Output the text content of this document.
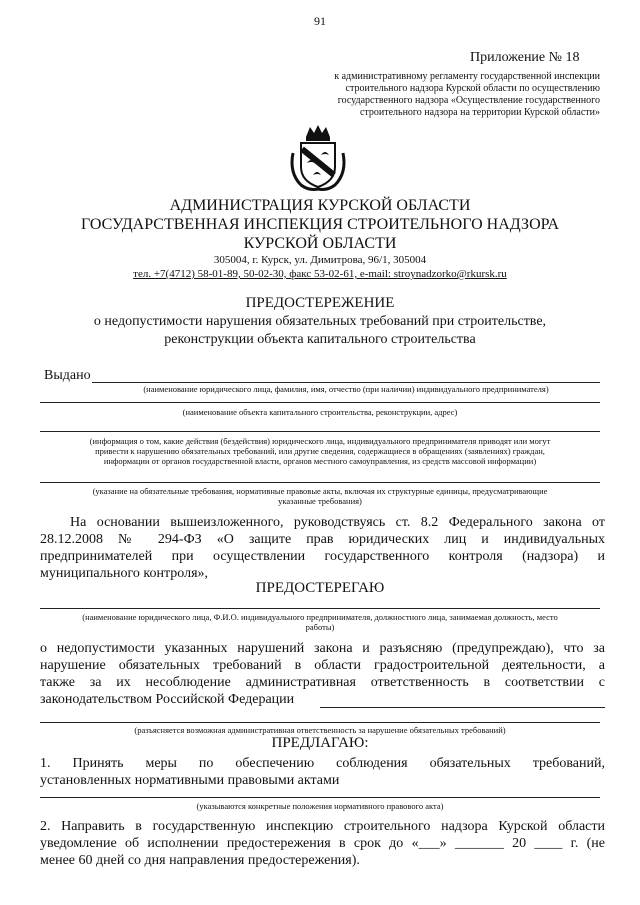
91
Приложение № 18
к административному регламенту государственной инспекции
строительного надзора Курской области по осуществлению
государственного надзора «Осуществление государственного
строительного надзора на территории Курской области»
АДМИНИСТРАЦИЯ КУРСКОЙ ОБЛАСТИ
ГОСУДАРСТВЕННАЯ ИНСПЕКЦИЯ СТРОИТЕЛЬНОГО НАДЗОРА
КУРСКОЙ ОБЛАСТИ
305004, г. Курск, ул. Димитрова, 96/1, 305004
тел. +7(4712) 58-01-89, 50-02-30, факс 53-02-61, e-mail: stroynadzorko@rkursk.ru
ПРЕДОСТЕРЕЖЕНИЕ
о недопустимости нарушения обязательных требований при строительстве,
реконструкции объекта капитального строительства
Выдано
(наименование юридического лица, фамилия, имя, отчество (при наличии) индивидуального предпринимателя)
(наименование объекта капитального строительства, реконструкции, адрес)
(информация о том, какие действия (бездействия) юридического лица, индивидуального предпринимателя приводят или могут
привести к нарушению обязательных требований, или другие сведения, содержащиеся в обращениях (заявлениях) граждан,
информации от органов государственной власти, органов местного самоуправления, из средств массовой информации)
(указание на обязательные требования, нормативные правовые акты, включая их структурные единицы, предусматривающие
указанные требования)
На основании вышеизложенного, руководствуясь ст. 8.2 Федерального закона от
28.12.2008 № 294-ФЗ «О защите прав юридических лиц и индивидуальных
предпринимателей при осуществлении государственного контроля (надзора) и
муниципального контроля»,
ПРЕДОСТЕРЕГАЮ
(наименование юридического лица, Ф.И.О. индивидуального предпринимателя, должностного лица, занимаемая должность, место
работы)
о недопустимости указанных нарушений закона и разъясняю (предупреждаю), что за
нарушение обязательных требований в области градостроительной деятельности, а
также за их несоблюдение административная ответственность в соответствии с
законодательством Российской Федерации
(разъясняется возможная административная ответственность за нарушение обязательных требований)
ПРЕДЛАГАЮ:
1. Принять меры по обеспечению соблюдения обязательных требований,
установленных нормативными правовыми актами
(указываются конкретные положения нормативного правового акта)
2. Направить в государственную инспекцию строительного надзора Курской области
уведомление об исполнении предостережения в срок до «___» _______ 20 ____ г. (не
менее 60 дней со дня направления предостережения).
